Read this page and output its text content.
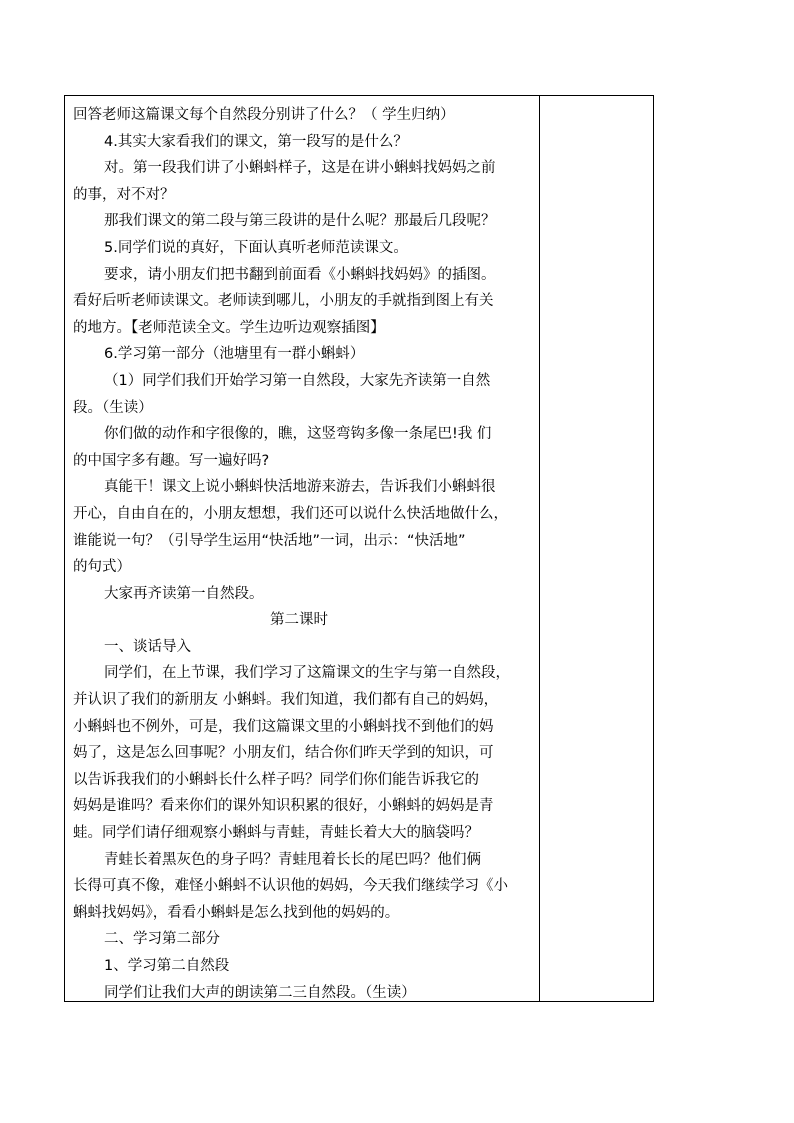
回答老师这篇课文每个自然段分别讲了什么？（ 学生归纳）
4.其实大家看我们的课文，第一段写的是什么？
对。第一段我们讲了小蝌蚪样子，这是在讲小蝌蚪找妈妈之前
的事，对不对？
那我们课文的第二段与第三段讲的是什么呢？那最后几段呢？
5.同学们说的真好，下面认真听老师范读课文。
要求，请小朋友们把书翻到前面看《小蝌蚪找妈妈》的插图。
看好后听老师读课文。老师读到哪儿，小朋友的手就指到图上有关
的地方。【老师范读全文。学生边听边观察插图】
6.学习第一部分（池塘里有一群小蝌蚪）
（1）同学们我们开始学习第一自然段，大家先齐读第一自然
段。（生读）
你们做的动作和字很像的，瞧，这竖弯钩多像一条尾巴!我 们
的中国字多有趣。写一遍好吗?
真能干！课文上说小蝌蚪快活地游来游去，告诉我们小蝌蚪很
开心，自由自在的，小朋友想想，我们还可以说什么快活地做什么，
谁能说一句？（引导学生运用“快活地”一词，出示：“快活地”
的句式）
大家再齐读第一自然段。
第二课时
一、谈话导入
同学们，在上节课，我们学习了这篇课文的生字与第一自然段，
并认识了我们的新朋友 小蝌蚪。我们知道，我们都有自己的妈妈，
小蝌蚪也不例外，可是，我们这篇课文里的小蝌蚪找不到他们的妈
妈了，这是怎么回事呢？小朋友们，结合你们昨天学到的知识，可
以告诉我我们的小蝌蚪长什么样子吗？同学们你们能告诉我它的
妈妈是谁吗？看来你们的课外知识积累的很好，小蝌蚪的妈妈是青
蛙。同学们请仔细观察小蝌蚪与青蛙，青蛙长着大大的脑袋吗？
青蛙长着黑灰色的身子吗？青蛙甩着长长的尾巴吗？他们俩
长得可真不像，难怪小蝌蚪不认识他的妈妈，今天我们继续学习《小
蝌蚪找妈妈》，看看小蝌蚪是怎么找到他的妈妈的。
二、学习第二部分
1、学习第二自然段
同学们让我们大声的朗读第二三自然段。（生读）
